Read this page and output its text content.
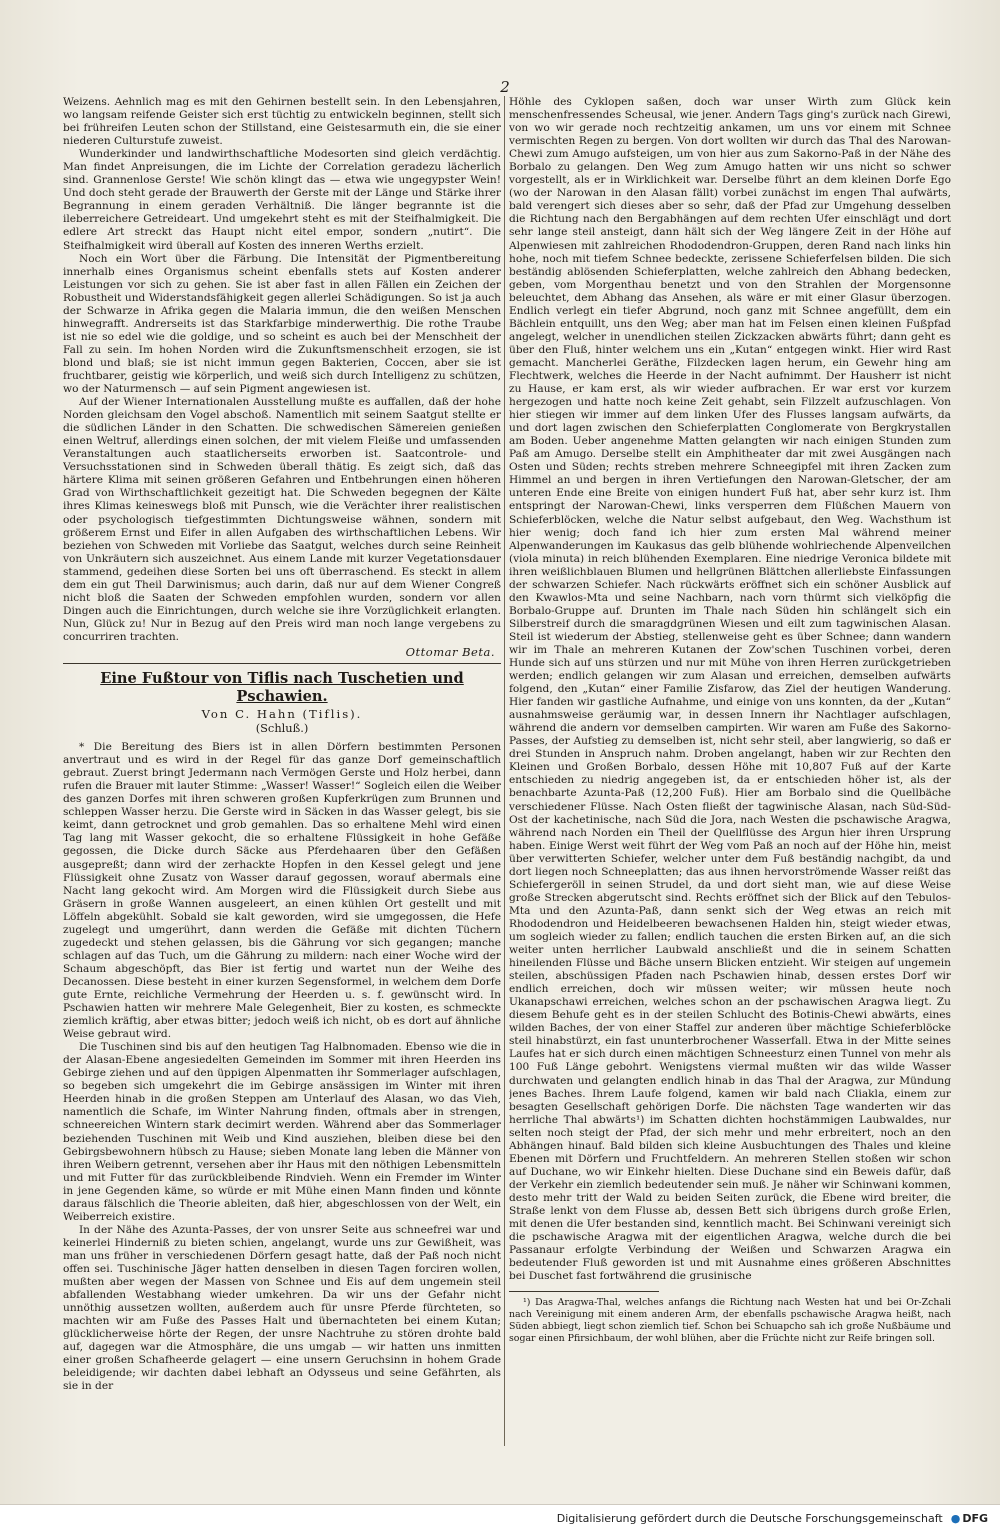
2

Weizens. Aehnlich mag es mit den Gehirnen bestellt sein. In den Lebensjahren, wo langsam reifende Geister sich erst tüchtig zu entwickeln beginnen, stellt sich bei frühreifen Leuten schon der Stillstand, eine Geistesarmuth ein, die sie einer niederen Culturstufe zuweist.

Wunderkinder und landwirthschaftliche Modesorten sind gleich verdächtig. Man findet Anpreisungen, die im Lichte der Correlation geradezu lächerlich sind. Grannenlose Gerste! Wie schön klingt das — etwa wie ungegypster Wein! Und doch steht gerade der Brauwerth der Gerste mit der Länge und Stärke ihrer Begrannung in einem geraden Verhältniß. Die länger begrannte ist die ileberreichere Getreideart. Und umgekehrt steht es mit der Steifhalmigkeit. Die edlere Art streckt das Haupt nicht eitel empor, sondern „nutirt“. Die Steifhalmigkeit wird überall auf Kosten des inneren Werths erzielt.

Noch ein Wort über die Färbung. Die Intensität der Pigmentbereitung innerhalb eines Organismus scheint ebenfalls stets auf Kosten anderer Leistungen vor sich zu gehen. Sie ist aber fast in allen Fällen ein Zeichen der Robustheit und Widerstandsfähigkeit gegen allerlei Schädigungen. So ist ja auch der Schwarze in Afrika gegen die Malaria immun, die den weißen Menschen hinwegrafft. Andrerseits ist das Starkfarbige minderwerthig. Die rothe Traube ist nie so edel wie die goldige, und so scheint es auch bei der Menschheit der Fall zu sein. Im hohen Norden wird die Zukunftsmenschheit erzogen, sie ist blond und blaß; sie ist nicht immun gegen Bakterien, Coccen, aber sie ist fruchtbarer, geistig wie körperlich, und weiß sich durch Intelligenz zu schützen, wo der Naturmensch — auf sein Pigment angewiesen ist.

Auf der Wiener Internationalen Ausstellung mußte es auffallen, daß der hohe Norden gleichsam den Vogel abschoß. Namentlich mit seinem Saatgut stellte er die südlichen Länder in den Schatten. Die schwedischen Sämereien genießen einen Weltruf, allerdings einen solchen, der mit vielem Fleiße und umfassenden Veranstaltungen auch staatlicherseits erworben ist. Saatcontrole- und Versuchsstationen sind in Schweden überall thätig. Es zeigt sich, daß das härtere Klima mit seinen größeren Gefahren und Entbehrungen einen höheren Grad von Wirthschaftlichkeit gezeitigt hat. Die Schweden begegnen der Kälte ihres Klimas keineswegs bloß mit Punsch, wie die Verächter ihrer realistischen oder psychologisch tiefgestimmten Dichtungsweise wähnen, sondern mit größerem Ernst und Eifer in allen Aufgaben des wirthschaftlichen Lebens. Wir beziehen von Schweden mit Vorliebe das Saatgut, welches durch seine Reinheit von Unkräutern sich auszeichnet. Aus einem Lande mit kurzer Vegetationsdauer stammend, gedeihen diese Sorten bei uns oft überraschend. Es steckt in allem dem ein gut Theil Darwinismus; auch darin, daß nur auf dem Wiener Congreß nicht bloß die Saaten der Schweden empfohlen wurden, sondern vor allen Dingen auch die Einrichtungen, durch welche sie ihre Vorzüglichkeit erlangten. Nun, Glück zu! Nur in Bezug auf den Preis wird man noch lange vergebens zu concurriren trachten.

Ottomar Beta.
Eine Fußtour von Tiflis nach Tuschetien und Pschawien.
Von C. Hahn (Tiflis).
(Schluß.)

* Die Bereitung des Biers ist in allen Dörfern bestimmten Personen anvertraut und es wird in der Regel für das ganze Dorf gemeinschaftlich gebraut. Zuerst bringt Jedermann nach Vermögen Gerste und Holz herbei, dann rufen die Brauer mit lauter Stimme: „Wasser! Wasser!“ Sogleich eilen die Weiber des ganzen Dorfes mit ihren schweren großen Kupferkrügen zum Brunnen und schleppen Wasser herzu. Die Gerste wird in Säcken in das Wasser gelegt, bis sie keimt, dann getrocknet und grob gemahlen. Das so erhaltene Mehl wird einen Tag lang mit Wasser gekocht, die so erhaltene Flüssigkeit in hohe Gefäße gegossen, die Dicke durch Säcke aus Pferdehaaren über den Gefäßen ausgepreßt; dann wird der zerhackte Hopfen in den Kessel gelegt und jene Flüssigkeit ohne Zusatz von Wasser darauf gegossen, worauf abermals eine Nacht lang gekocht wird. Am Morgen wird die Flüssigkeit durch Siebe aus Gräsern in große Wannen ausgeleert, an einen kühlen Ort gestellt und mit Löffeln abgekühlt. Sobald sie kalt geworden, wird sie umgegossen, die Hefe zugelegt und umgerührt, dann werden die Gefäße mit dichten Tüchern zugedeckt und stehen gelassen, bis die Gährung vor sich gegangen; manche schlagen auf das Tuch, um die Gährung zu mildern: nach einer Woche wird der Schaum abgeschöpft, das Bier ist fertig und wartet nun der Weihe des Decanossen. Diese besteht in einer kurzen Segensformel, in welchem dem Dorfe gute Ernte, reichliche Vermehrung der Heerden u. s. f. gewünscht wird. In Pschawien hatten wir mehrere Male Gelegenheit, Bier zu kosten, es schmeckte ziemlich kräftig, aber etwas bitter; jedoch weiß ich nicht, ob es dort auf ähnliche Weise gebraut wird.

Die Tuschinen sind bis auf den heutigen Tag Halbnomaden. Ebenso wie die in der Alasan-Ebene angesiedelten Gemeinden im Sommer mit ihren Heerden ins Gebirge ziehen und auf den üppigen Alpenmatten ihr Sommerlager aufschlagen, so begeben sich umgekehrt die im Gebirge ansässigen im Winter mit ihren Heerden hinab in die großen Steppen am Unterlauf des Alasan, wo das Vieh, namentlich die Schafe, im Winter Nahrung finden, oftmals aber in strengen, schneereichen Wintern stark decimirt werden. Während aber das Sommerlager beziehenden Tuschinen mit Weib und Kind ausziehen, bleiben diese bei den Gebirgsbewohnern hübsch zu Hause; sieben Monate lang leben die Männer von ihren Weibern getrennt, versehen aber ihr Haus mit den nöthigen Lebensmitteln und mit Futter für das zurückbleibende Rindvieh. Wenn ein Fremder im Winter in jene Gegenden käme, so würde er mit Mühe einen Mann finden und könnte daraus fälschlich die Theorie ableiten, daß hier, abgeschlossen von der Welt, ein Weiberreich existire.

In der Nähe des Azunta-Passes, der von unsrer Seite aus schneefrei war und keinerlei Hinderniß zu bieten schien, angelangt, wurde uns zur Gewißheit, was man uns früher in verschiedenen Dörfern gesagt hatte, daß der Paß noch nicht offen sei. Tuschinische Jäger hatten denselben in diesen Tagen forciren wollen, mußten aber wegen der Massen von Schnee und Eis auf dem ungemein steil abfallenden Westabhang wieder umkehren. Da wir uns der Gefahr nicht unnöthig aussetzen wollten, außerdem auch für unsre Pferde fürchteten, so machten wir am Fuße des Passes Halt und übernachteten bei einem Kutan; glücklicherweise hörte der Regen, der unsre Nachtruhe zu stören drohte bald auf, dagegen war die Atmosphäre, die uns umgab — wir hatten uns inmitten einer großen Schafheerde gelagert — eine unsern Geruchsinn in hohem Grade beleidigende; wir dachten dabei lebhaft an Odysseus und seine Gefährten, als sie in der

Höhle des Cyklopen saßen, doch war unser Wirth zum Glück kein menschenfressendes Scheusal, wie jener. Andern Tags ging's zurück nach Girewi, von wo wir gerade noch rechtzeitig ankamen, um uns vor einem mit Schnee vermischten Regen zu bergen. Von dort wollten wir durch das Thal des Narowan-Chewi zum Amugo aufsteigen, um von hier aus zum Sakorno-Paß in der Nähe des Borbalo zu gelangen. Den Weg zum Amugo hatten wir uns nicht so schwer vorgestellt, als er in Wirklichkeit war. Derselbe führt an dem kleinen Dorfe Ego (wo der Narowan in den Alasan fällt) vorbei zunächst im engen Thal aufwärts, bald verengert sich dieses aber so sehr, daß der Pfad zur Umgehung desselben die Richtung nach den Bergabhängen auf dem rechten Ufer einschlägt und dort sehr lange steil ansteigt, dann hält sich der Weg längere Zeit in der Höhe auf Alpenwiesen mit zahlreichen Rhododendron-Gruppen, deren Rand nach links hin hohe, noch mit tiefem Schnee bedeckte, zerissene Schieferfelsen bilden. Die sich beständig ablösenden Schieferplatten, welche zahlreich den Abhang bedecken, geben, vom Morgenthau benetzt und von den Strahlen der Morgensonne beleuchtet, dem Abhang das Ansehen, als wäre er mit einer Glasur überzogen. Endlich verlegt ein tiefer Abgrund, noch ganz mit Schnee angefüllt, dem ein Bächlein entquillt, uns den Weg; aber man hat im Felsen einen kleinen Fußpfad angelegt, welcher in unendlichen steilen Zickzacken abwärts führt; dann geht es über den Fluß, hinter welchem uns ein „Kutan“ entgegen winkt. Hier wird Rast gemacht. Mancherlei Geräthe, Filzdecken lagen herum, ein Gewehr hing am Flechtwerk, welches die Heerde in der Nacht aufnimmt. Der Hausherr ist nicht zu Hause, er kam erst, als wir wieder aufbrachen. Er war erst vor kurzem hergezogen und hatte noch keine Zeit gehabt, sein Filzzelt aufzuschlagen. Von hier stiegen wir immer auf dem linken Ufer des Flusses langsam aufwärts, da und dort lagen zwischen den Schieferplatten Conglomerate von Bergkrystallen am Boden. Ueber angenehme Matten gelangten wir nach einigen Stunden zum Paß am Amugo. Derselbe stellt ein Amphitheater dar mit zwei Ausgängen nach Osten und Süden; rechts streben mehrere Schneegipfel mit ihren Zacken zum Himmel an und bergen in ihren Vertiefungen den Narowan-Gletscher, der am unteren Ende eine Breite von einigen hundert Fuß hat, aber sehr kurz ist. Ihm entspringt der Narowan-Chewi, links versperren dem Flüßchen Mauern von Schieferblöcken, welche die Natur selbst aufgebaut, den Weg. Wachsthum ist hier wenig; doch fand ich hier zum ersten Mal während meiner Alpenwanderungen im Kaukasus das gelb blühende wohlriechende Alpenveilchen (viola minuta) in reich blühenden Exemplaren. Eine niedrige Veronica bildete mit ihren weißlichblauen Blumen und hellgrünen Blättchen allerliebste Einfassungen der schwarzen Schiefer. Nach rückwärts eröffnet sich ein schöner Ausblick auf den Kwawlos-Mta und seine Nachbarn, nach vorn thürmt sich vielköpfig die Borbalo-Gruppe auf. Drunten im Thale nach Süden hin schlängelt sich ein Silberstreif durch die smaragdgrünen Wiesen und eilt zum tagwinischen Alasan. Steil ist wiederum der Abstieg, stellenweise geht es über Schnee; dann wandern wir im Thale an mehreren Kutanen der Zow'schen Tuschinen vorbei, deren Hunde sich auf uns stürzen und nur mit Mühe von ihren Herren zurückgetrieben werden; endlich gelangen wir zum Alasan und erreichen, demselben aufwärts folgend, den „Kutan“ einer Familie Zisfarow, das Ziel der heutigen Wanderung. Hier fanden wir gastliche Aufnahme, und einige von uns konnten, da der „Kutan“ ausnahmsweise geräumig war, in dessen Innern ihr Nachtlager aufschlagen, während die andern vor demselben campirten. Wir waren am Fuße des Sakorno-Passes, der Aufstieg zu demselben ist, nicht sehr steil, aber langwierig, so daß er drei Stunden in Anspruch nahm. Droben angelangt, haben wir zur Rechten den Kleinen und Großen Borbalo, dessen Höhe mit 10,807 Fuß auf der Karte entschieden zu niedrig angegeben ist, da er entschieden höher ist, als der benachbarte Azunta-Paß (12,200 Fuß). Hier am Borbalo sind die Quellbäche verschiedener Flüsse. Nach Osten fließt der tagwinische Alasan, nach Süd-Süd-Ost der kachetinische, nach Süd die Jora, nach Westen die pschawische Aragwa, während nach Norden ein Theil der Quellflüsse des Argun hier ihren Ursprung haben. Einige Werst weit führt der Weg vom Paß an noch auf der Höhe hin, meist über verwitterten Schiefer, welcher unter dem Fuß beständig nachgibt, da und dort liegen noch Schneeplatten; das aus ihnen hervorströmende Wasser reißt das Schiefergeröll in seinen Strudel, da und dort sieht man, wie auf diese Weise große Strecken abgerutscht sind. Rechts eröffnet sich der Blick auf den Tebulos-Mta und den Azunta-Paß, dann senkt sich der Weg etwas an reich mit Rhododendron und Heidelbeeren bewachsenen Halden hin, steigt wieder etwas, um sogleich wieder zu fallen; endlich tauchen die ersten Birken auf, an die sich weiter unten herrlicher Laubwald anschließt und die in seinem Schatten hineilenden Flüsse und Bäche unsern Blicken entzieht. Wir steigen auf ungemein steilen, abschüssigen Pfaden nach Pschawien hinab, dessen erstes Dorf wir endlich erreichen, doch wir müssen weiter; wir müssen heute noch Ukanapschawi erreichen, welches schon an der pschawischen Aragwa liegt. Zu diesem Behufe geht es in der steilen Schlucht des Botinis-Chewi abwärts, eines wilden Baches, der von einer Staffel zur anderen über mächtige Schieferblöcke steil hinabstürzt, ein fast ununterbrochener Wasserfall. Etwa in der Mitte seines Laufes hat er sich durch einen mächtigen Schneesturz einen Tunnel von mehr als 100 Fuß Länge gebohrt. Wenigstens viermal mußten wir das wilde Wasser durchwaten und gelangten endlich hinab in das Thal der Aragwa, zur Mündung jenes Baches. Ihrem Laufe folgend, kamen wir bald nach Cliakla, einem zur besagten Gesellschaft gehörigen Dorfe. Die nächsten Tage wanderten wir das herrliche Thal abwärts¹) im Schatten dichten hochstämmigen Laubwaldes, nur selten noch steigt der Pfad, der sich mehr und mehr erbreitert, noch an den Abhängen hinauf. Bald bilden sich kleine Ausbuchtungen des Thales und kleine Ebenen mit Dörfern und Fruchtfeldern. An mehreren Stellen stoßen wir schon auf Duchane, wo wir Einkehr hielten. Diese Duchane sind ein Beweis dafür, daß der Verkehr ein ziemlich bedeutender sein muß. Je näher wir Schinwani kommen, desto mehr tritt der Wald zu beiden Seiten zurück, die Ebene wird breiter, die Straße lenkt von dem Flusse ab, dessen Bett sich übrigens durch große Erlen, mit denen die Ufer bestanden sind, kenntlich macht. Bei Schinwani vereinigt sich die pschawische Aragwa mit der eigentlichen Aragwa, welche durch die bei Passanaur erfolgte Verbindung der Weißen und Schwarzen Aragwa ein bedeutender Fluß geworden ist und mit Ausnahme eines größeren Abschnittes bei Duschet fast fortwährend die grusinische

¹) Das Aragwa-Thal, welches anfangs die Richtung nach Westen hat und bei Or-Zchali nach Vereinigung mit einem anderen Arm, der ebenfalls pschawische Aragwa heißt, nach Süden abbiegt, liegt schon ziemlich tief. Schon bei Schuapcho sah ich große Nußbäume und sogar einen Pfirsichbaum, der wohl blühen, aber die Früchte nicht zur Reife bringen soll.
Digitalisierung gefördert durch die Deutsche Forschungsgemeinschaft ● DFG
